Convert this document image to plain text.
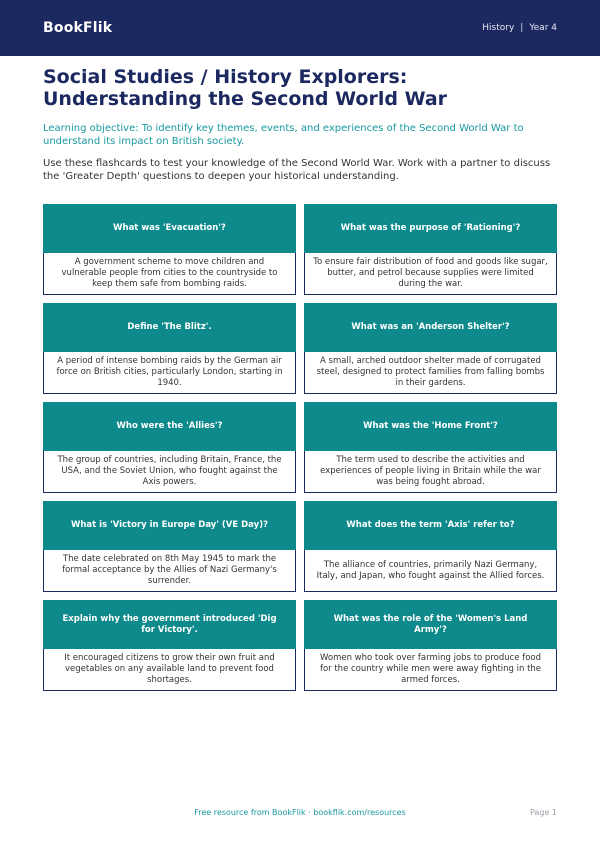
BookFlik	History | Year 4
Social Studies / History Explorers: Understanding the Second World War

Learning objective: To identify key themes, events, and experiences of the Second World War to understand its impact on British society.

Use these flashcards to test your knowledge of the Second World War. Work with a partner to discuss the 'Greater Depth' questions to deepen your historical understanding.

What was 'Evacuation'?
A government scheme to move children and vulnerable people from cities to the countryside to keep them safe from bombing raids.
What was the purpose of 'Rationing'?
To ensure fair distribution of food and goods like sugar, butter, and petrol because supplies were limited during the war.
Define 'The Blitz'.
A period of intense bombing raids by the German air force on British cities, particularly London, starting in 1940.
What was an 'Anderson Shelter'?
A small, arched outdoor shelter made of corrugated steel, designed to protect families from falling bombs in their gardens.
Who were the 'Allies'?
The group of countries, including Britain, France, the USA, and the Soviet Union, who fought against the Axis powers.
What was the 'Home Front'?
The term used to describe the activities and experiences of people living in Britain while the war was being fought abroad.
What is 'Victory in Europe Day' (VE Day)?
The date celebrated on 8th May 1945 to mark the formal acceptance by the Allies of Nazi Germany's surrender.
What does the term 'Axis' refer to?
The alliance of countries, primarily Nazi Germany, Italy, and Japan, who fought against the Allied forces.
Explain why the government introduced 'Dig for Victory'.
It encouraged citizens to grow their own fruit and vegetables on any available land to prevent food shortages.
What was the role of the 'Women's Land Army'?
Women who took over farming jobs to produce food for the country while men were away fighting in the armed forces.
Free resource from BookFlik · bookflik.com/resources	Page 1
